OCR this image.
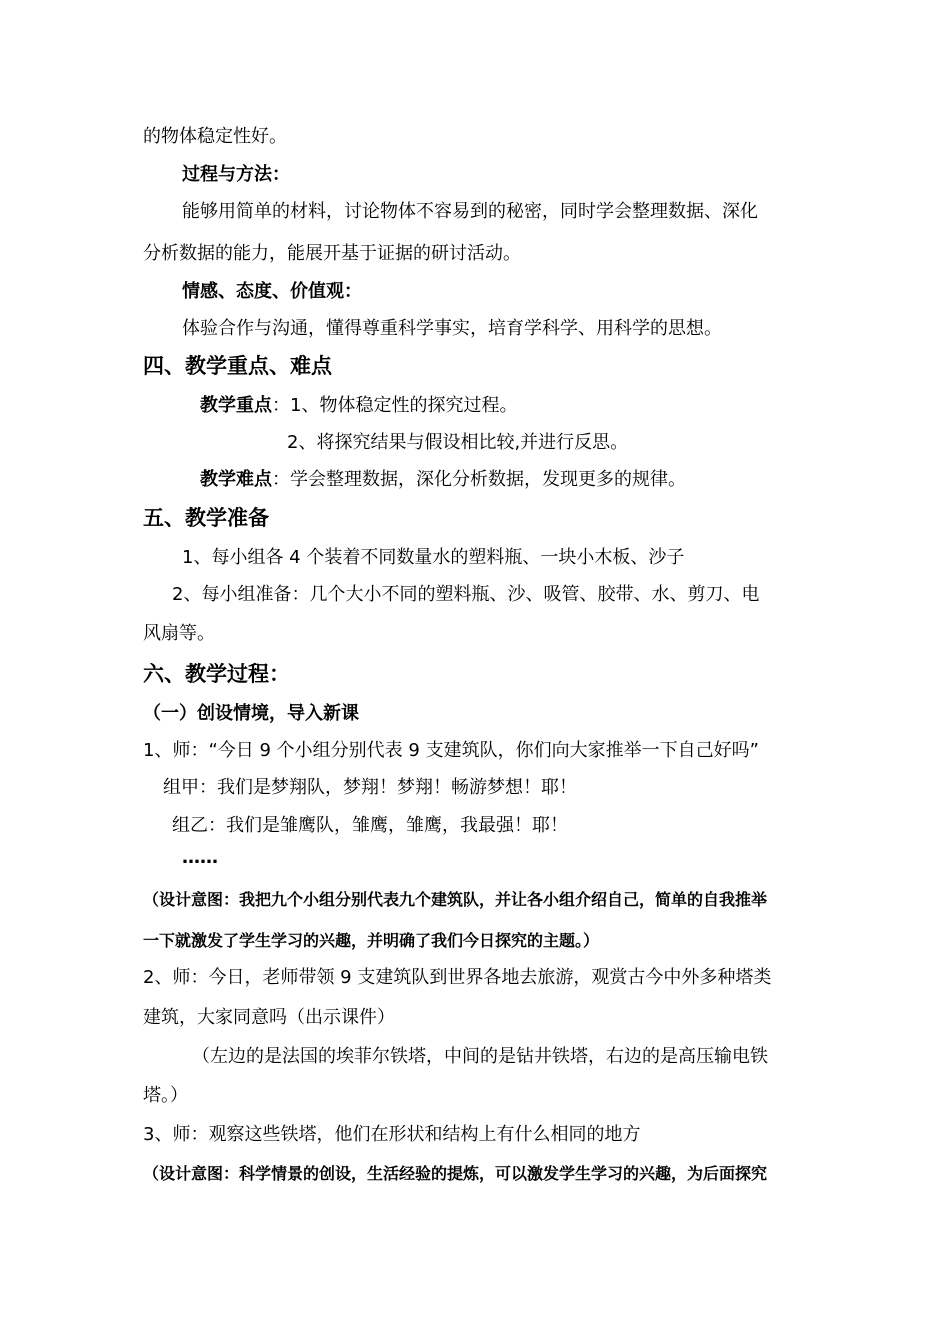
的物体稳定性好。
过程与方法：
能够用简单的材料，讨论物体不容易到的秘密，同时学会整理数据、深化
分析数据的能力，能展开基于证据的研讨活动。
情感、态度、价值观：
体验合作与沟通，懂得尊重科学事实，培育学科学、用科学的思想。
四、教学重点、难点
教学重点：1、物体稳定性的探究过程。
2、将探究结果与假设相比较,并进行反思。
教学难点：学会整理数据，深化分析数据，发现更多的规律。
五、教学准备
1、每小组各 4 个装着不同数量水的塑料瓶、一块小木板、沙子
2、每小组准备：几个大小不同的塑料瓶、沙、吸管、胶带、水、剪刀、电
风扇等。
六、教学过程：
（一）创设情境，导入新课
1、师：“今日 9 个小组分别代表 9 支建筑队，你们向大家推举一下自己好吗”
组甲：我们是梦翔队，梦翔！梦翔！畅游梦想！耶！
组乙：我们是雏鹰队，雏鹰，雏鹰，我最强！耶！
……
（设计意图：我把九个小组分别代表九个建筑队，并让各小组介绍自己，简单的自我推举
一下就激发了学生学习的兴趣，并明确了我们今日探究的主题。）
2、师：今日，老师带领 9 支建筑队到世界各地去旅游，观赏古今中外多种塔类
建筑，大家同意吗（出示课件）
（左边的是法国的埃菲尔铁塔，中间的是钻井铁塔，右边的是高压输电铁
塔。）
3、师：观察这些铁塔，他们在形状和结构上有什么相同的地方
（设计意图：科学情景的创设，生活经验的提炼，可以激发学生学习的兴趣，为后面探究
